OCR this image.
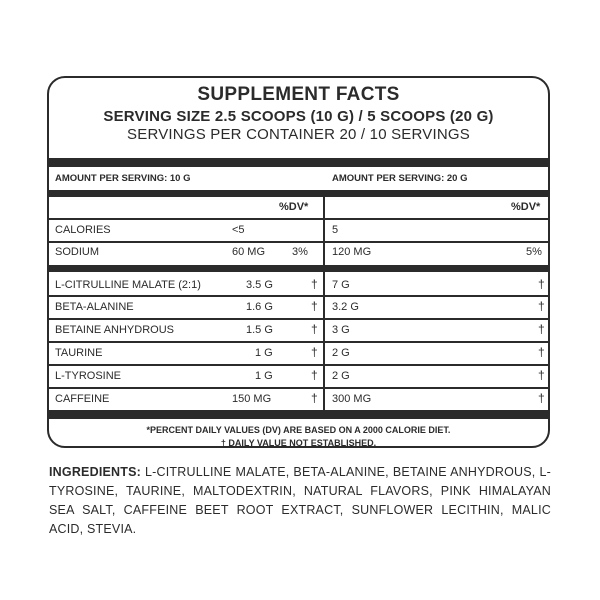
SUPPLEMENT FACTS
SERVING SIZE 2.5 SCOOPS (10 G) / 5 SCOOPS (20 G)
SERVINGS PER CONTAINER 20 / 10 SERVINGS
AMOUNT PER SERVING: 10 G	AMOUNT PER SERVING: 20 G
%DV*	%DV*
CALORIES	<5	5
SODIUM	60 MG 3% 120 MG	5%
L-CITRULLINE MALATE (2:1)	3.5 G	† 7 G	†
BETA-ALANINE	1.6 G	† 3.2 G	†
BETAINE ANHYDROUS	1.5 G	† 3 G	†
TAURINE	1 G	† 2 G	†
L-TYROSINE	1 G	† 2 G	†
CAFFEINE	150 MG	† 300 MG	†
*PERCENT DAILY VALUES (DV) ARE BASED ON A 2000 CALORIE DIET.
† DAILY VALUE NOT ESTABLISHED.
INGREDIENTS: L-CITRULLINE MALATE, BETA-ALANINE, BETAINE ANHYDROUS, L-TYROSINE, TAURINE, MALTODEXTRIN, NATURAL FLAVORS, PINK HIMALAYAN SEA SALT, CAFFEINE BEET ROOT EXTRACT, SUNFLOWER LECITHIN, MALIC ACID, STEVIA.
